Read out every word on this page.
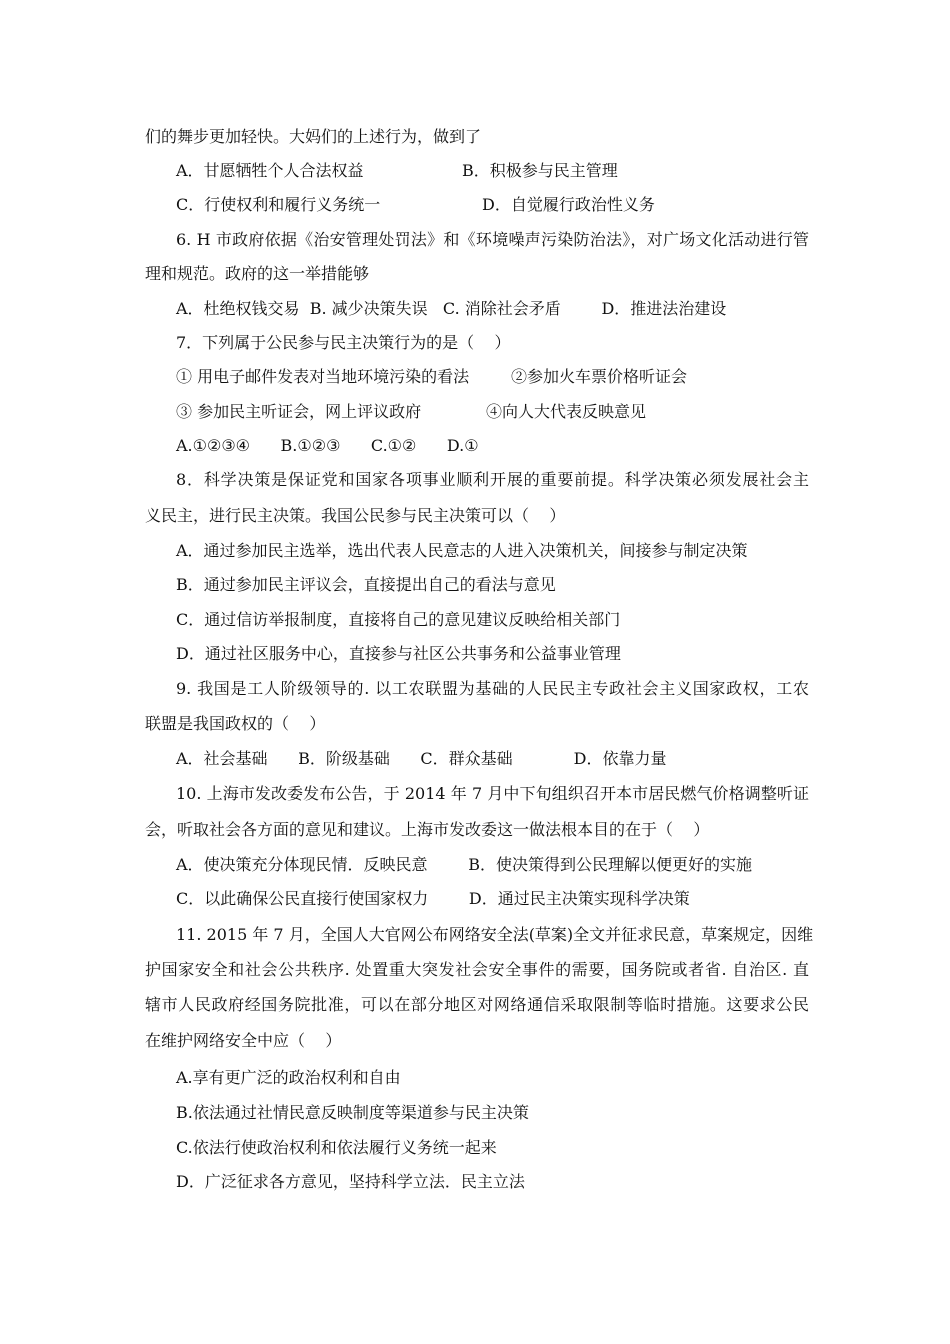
们的舞步更加轻快。大妈们的上述行为，做到了
A．甘愿牺牲个人合法权益	B．积极参与民主管理
C．行使权利和履行义务统一	D．自觉履行政治性义务
6. H 市政府依据《治安管理处罚法》和《环境噪声污染防治法》，对广场文化活动进行管
理和规范。政府的这一举措能够
A．杜绝权钱交易  B. 减少决策失误   C. 消除社会矛盾        D．推进法治建设
7．下列属于公民参与民主决策行为的是（    ）
① 用电子邮件发表对当地环境污染的看法	②参加火车票价格听证会
③ 参加民主听证会，网上评议政府	④向人大代表反映意见
A.①②③④      B.①②③      C.①②      D.①
8．科学决策是保证党和国家各项事业顺利开展的重要前提。科学决策必须发展社会主
义民主，进行民主决策。我国公民参与民主决策可以（    ）
A．通过参加民主选举，选出代表人民意志的人进入决策机关，间接参与制定决策
B．通过参加民主评议会，直接提出自己的看法与意见
C．通过信访举报制度，直接将自己的意见建议反映给相关部门
D．通过社区服务中心，直接参与社区公共事务和公益事业管理
9. 我国是工人阶级领导的. 以工农联盟为基础的人民民主专政社会主义国家政权，工农
联盟是我国政权的（    ）
A．社会基础      B．阶级基础      C．群众基础            D．依靠力量
10. 上海市发改委发布公告，于 2014 年 7 月中下旬组织召开本市居民燃气价格调整听证
会，听取社会各方面的意见和建议。上海市发改委这一做法根本目的在于（    ）
A．使决策充分体现民情．反映民意        B．使决策得到公民理解以便更好的实施
C．以此确保公民直接行使国家权力        D．通过民主决策实现科学决策
11. 2015 年 7 月，全国人大官网公布网络安全法(草案)全文并征求民意，草案规定，因维
护国家安全和社会公共秩序. 处置重大突发社会安全事件的需要，国务院或者省. 自治区. 直
辖市人民政府经国务院批准，可以在部分地区对网络通信采取限制等临时措施。这要求公民
在维护网络安全中应（    ）
A.享有更广泛的政治权利和自由
B.依法通过社情民意反映制度等渠道参与民主决策
C.依法行使政治权利和依法履行义务统一起来
D．广泛征求各方意见，坚持科学立法．民主立法
